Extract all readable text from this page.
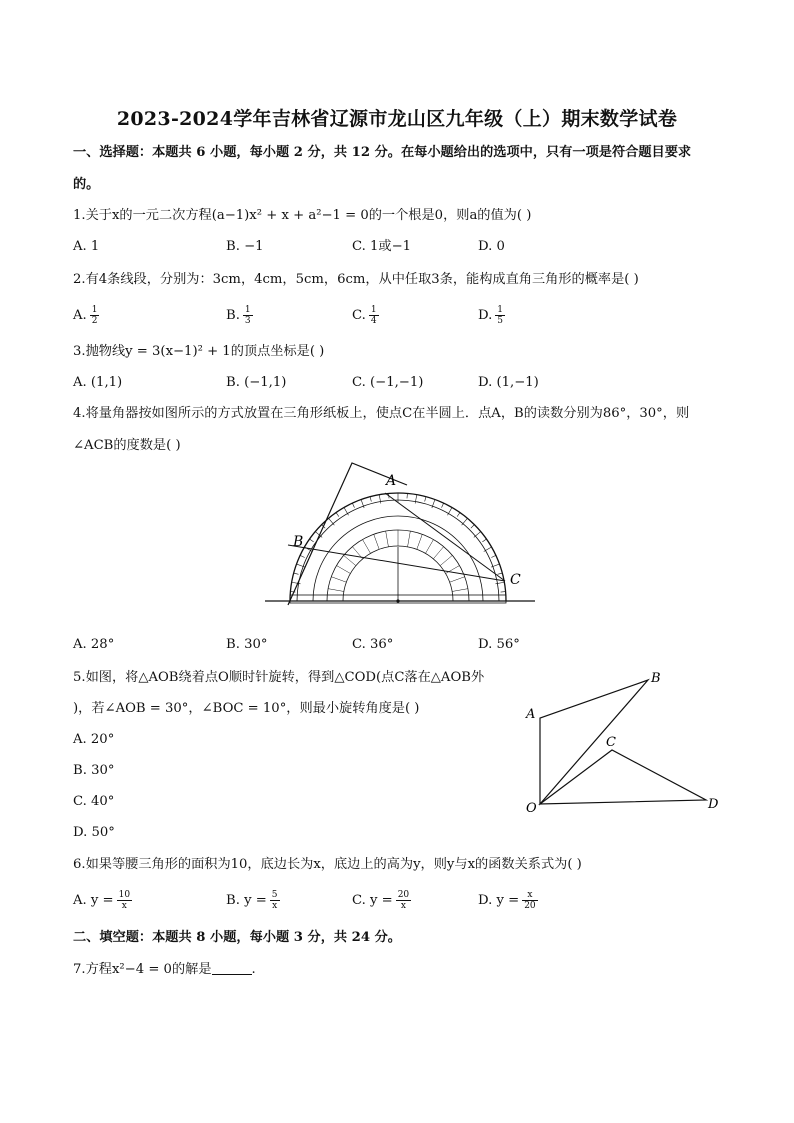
2023-2024学年吉林省辽源市龙山区九年级（上）期末数学试卷
一、选择题：本题共 6 小题，每小题 2 分，共 12 分。在每小题给出的选项中，只有一项是符合题目要求
的。
1.关于x的一元二次方程(a−1)x² + x + a²−1 = 0的一个根是0，则a的值为( )
A. 1	B. −1	C. 1或−1	D. 0
2.有4条线段，分别为：3cm，4cm，5cm，6cm，从中任取3条，能构成直角三角形的概率是( )
A. $\frac{1}{2}$	B. $\frac{1}{3}$	C. $\frac{1}{4}$	D. $\frac{1}{5}$
3.抛物线y = 3(x−1)² + 1的顶点坐标是( )
A. (1,1)	B. (−1,1)	C. (−1,−1)	D. (1,−1)
4.将量角器按如图所示的方式放置在三角形纸板上，使点C在半圆上．点A，B的读数分别为86°，30°，则
∠ACB的度数是( )
A
B
C
A. 28°	B. 30°	C. 36°	D. 56°
5.如图，将△AOB绕着点O顺时针旋转，得到△COD(点C落在△AOB外
)，若∠AOB = 30°，∠BOC = 10°，则最小旋转角度是( )	A
B
C
O	D
A. 20°
B. 30°
C. 40°
D. 50°
6.如果等腰三角形的面积为10，底边长为x，底边上的高为y，则y与x的函数关系式为( )
A. $y = \frac{10}{x}$	B. $y = \frac{5}{x}$	C. $y = \frac{20}{x}$	D. $y = \frac{x}{20}$
二、填空题：本题共 8 小题，每小题 3 分，共 24 分。
7.方程x²−4 = 0的解是	.
